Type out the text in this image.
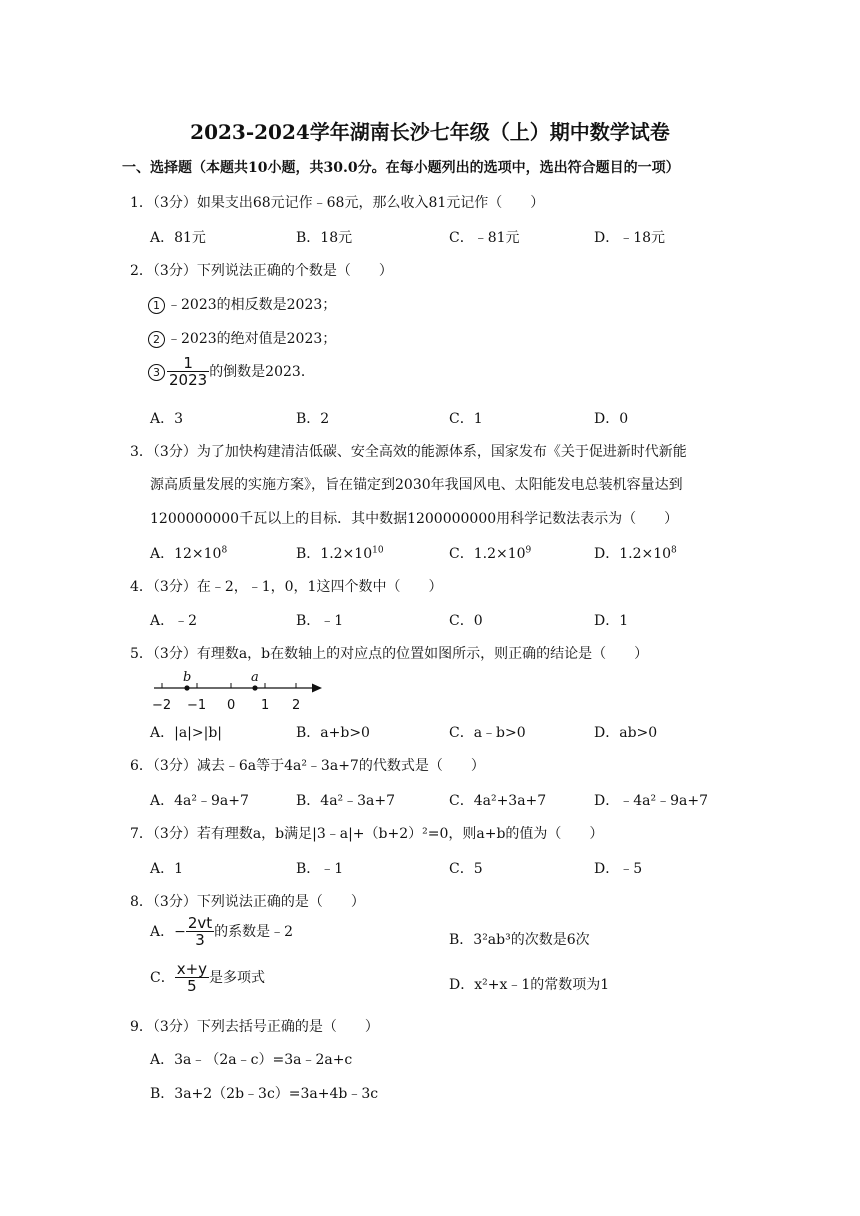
2023-2024学年湖南长沙七年级（上）期中数学试卷
一、选择题（本题共10小题，共30.0分。在每小题列出的选项中，选出符合题目的一项）
1．（3分）如果支出68元记作﹣68元，那么收入81元记作（　　）
A．81元	B．18元	C．﹣81元	D．﹣18元
2．（3分）下列说法正确的个数是（　　）
1 ﹣2023的相反数是2023；
2 ﹣2023的绝对值是2023；
$3 \frac{1}{2023}$ 的倒数是2023．
A．3	B．2	C．1	D．0
3．（3分）为了加快构建清洁低碳、安全高效的能源体系，国家发布《关于促进新时代新能
源高质量发展的实施方案》，旨在锚定到2030年我国风电、太阳能发电总装机容量达到
1200000000千瓦以上的目标．其中数据1200000000用科学记数法表示为（　　）
A．$12\times 10^8$	B．$1.2\times 10^{10}$	C．$1.2\times 10^9$	D．$1.2\times 10^8$
4．（3分）在﹣2，﹣1，0，1这四个数中（　　）
A．﹣2	B．﹣1	C．0	D．1
5．（3分）有理数a，b在数轴上的对应点的位置如图所示，则正确的结论是（　　）
b	a
−2 −1 0 1 2
A．|a|>|b|	B．a+b>0	C．a﹣b>0	D．ab>0
6．（3分）减去﹣6a等于4a²﹣3a+7的代数式是（　　）
A．4a²﹣9a+7	B．4a²﹣3a+7	C．4a²+3a+7	D．﹣4a²﹣9a+7
7．（3分）若有理数a，b满足|3﹣a|+（b+2）²=0，则a+b的值为（　　）
A．1	B．﹣1	C．5	D．﹣5
8．（3分）下列说法正确的是（　　）
A．− $\frac{2vt}{3}$ 的系数是﹣2	B．3²ab³的次数是6次
C． $\frac{x+y}{5}$ 是多项式	D．x²+x﹣1的常数项为1
9．（3分）下列去括号正确的是（　　）
A．3a﹣（2a﹣c）=3a﹣2a+c
B．3a+2（2b﹣3c）=3a+4b﹣3c
